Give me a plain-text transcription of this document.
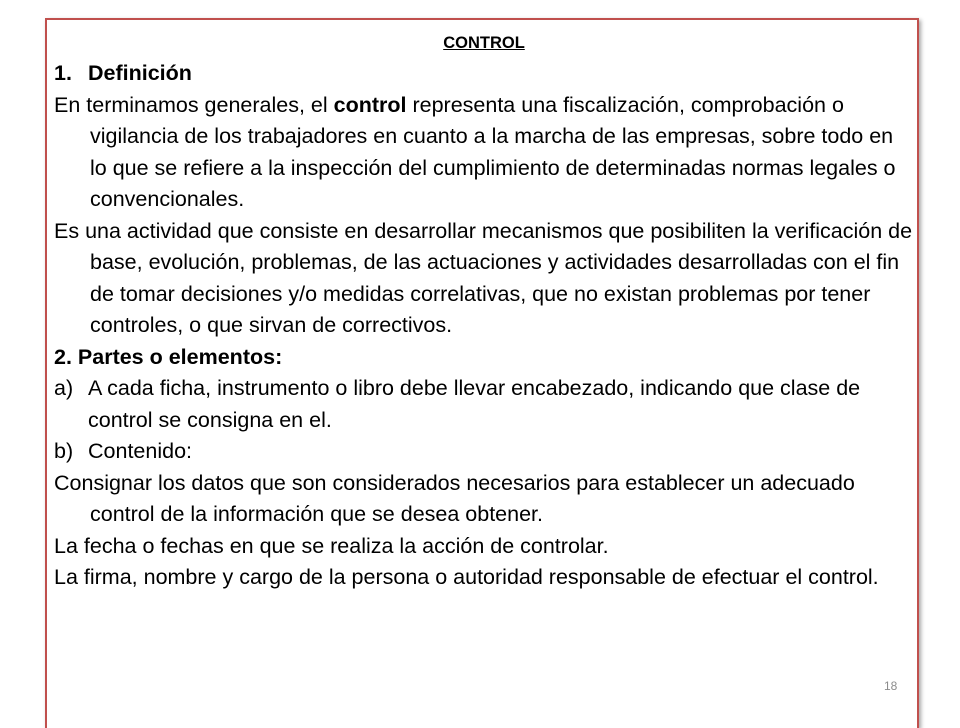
CONTROL
1. Definición

En terminamos generales, el control representa una fiscalización, comprobación o vigilancia de los trabajadores en cuanto a la marcha de las empresas, sobre todo en lo que se refiere a la inspección del cumplimiento de determinadas normas legales o convencionales.

Es una actividad que consiste en desarrollar mecanismos que posibiliten la verificación de base, evolución, problemas, de las actuaciones y actividades desarrolladas con el fin de tomar decisiones y/o medidas correlativas, que no existan problemas por tener controles, o que sirvan de correctivos.

2. Partes o elementos:
a) A cada ficha, instrumento o libro debe llevar encabezado, indicando que clase de control se consigna en el.
b) Contenido:

Consignar los datos que son considerados necesarios para establecer un adecuado control de la información que se desea obtener.

La fecha o fechas en que se realiza la acción de controlar.

La firma, nombre y cargo de la persona o autoridad responsable de efectuar el control.

18
